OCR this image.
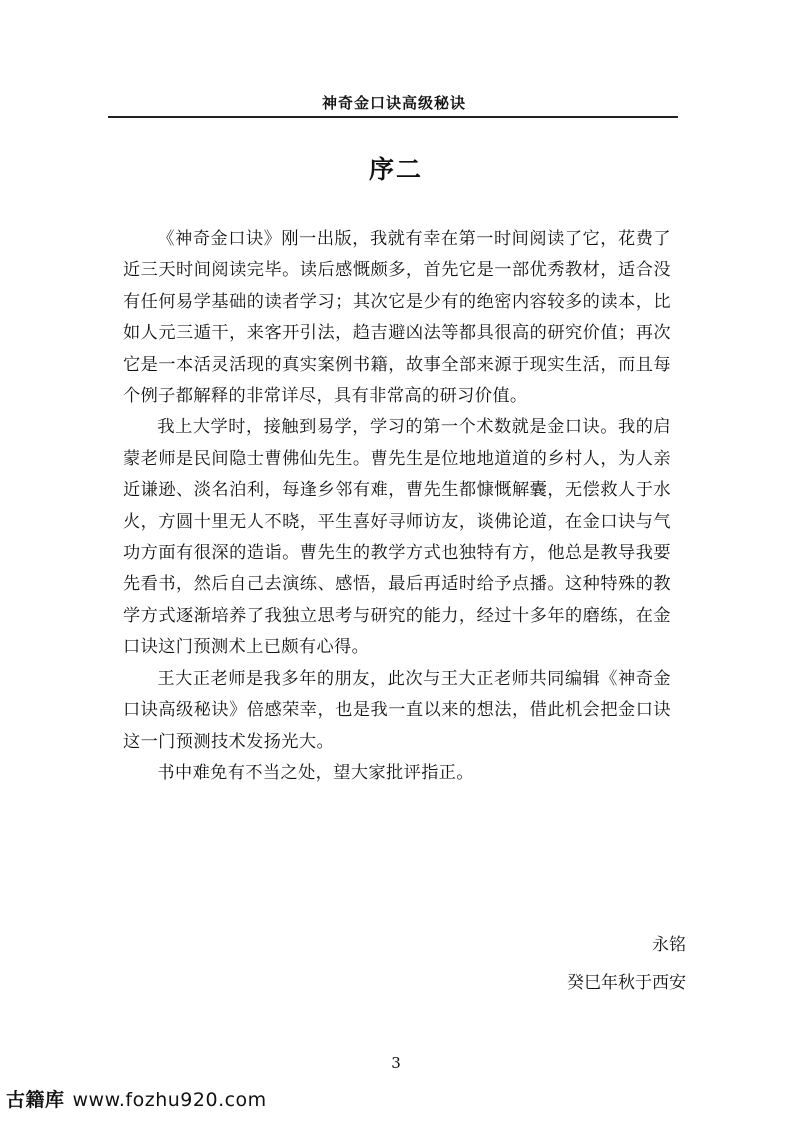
神奇金口诀高级秘诀
序二

《神奇金口诀》刚一出版，我就有幸在第一时间阅读了它，花费了近三天时间阅读完毕。读后感慨颇多，首先它是一部优秀教材，适合没有任何易学基础的读者学习；其次它是少有的绝密内容较多的读本，比如人元三遁干，来客开引法，趋吉避凶法等都具很高的研究价值；再次它是一本活灵活现的真实案例书籍，故事全部来源于现实生活，而且每个例子都解释的非常详尽，具有非常高的研习价值。

我上大学时，接触到易学，学习的第一个术数就是金口诀。我的启蒙老师是民间隐士曹佛仙先生。曹先生是位地地道道的乡村人，为人亲近谦逊、淡名泊利，每逢乡邻有难，曹先生都慷慨解囊，无偿救人于水火，方圆十里无人不晓，平生喜好寻师访友，谈佛论道，在金口诀与气功方面有很深的造诣。曹先生的教学方式也独特有方，他总是教导我要先看书，然后自己去演练、感悟，最后再适时给予点播。这种特殊的教学方式逐渐培养了我独立思考与研究的能力，经过十多年的磨练，在金口诀这门预测术上已颇有心得。

王大正老师是我多年的朋友，此次与王大正老师共同编辑《神奇金口诀高级秘诀》倍感荣幸，也是我一直以来的想法，借此机会把金口诀这一门预测技术发扬光大。

书中难免有不当之处，望大家批评指正。

永铭
癸巳年秋于西安
3
古籍库 www.fozhu920.com
